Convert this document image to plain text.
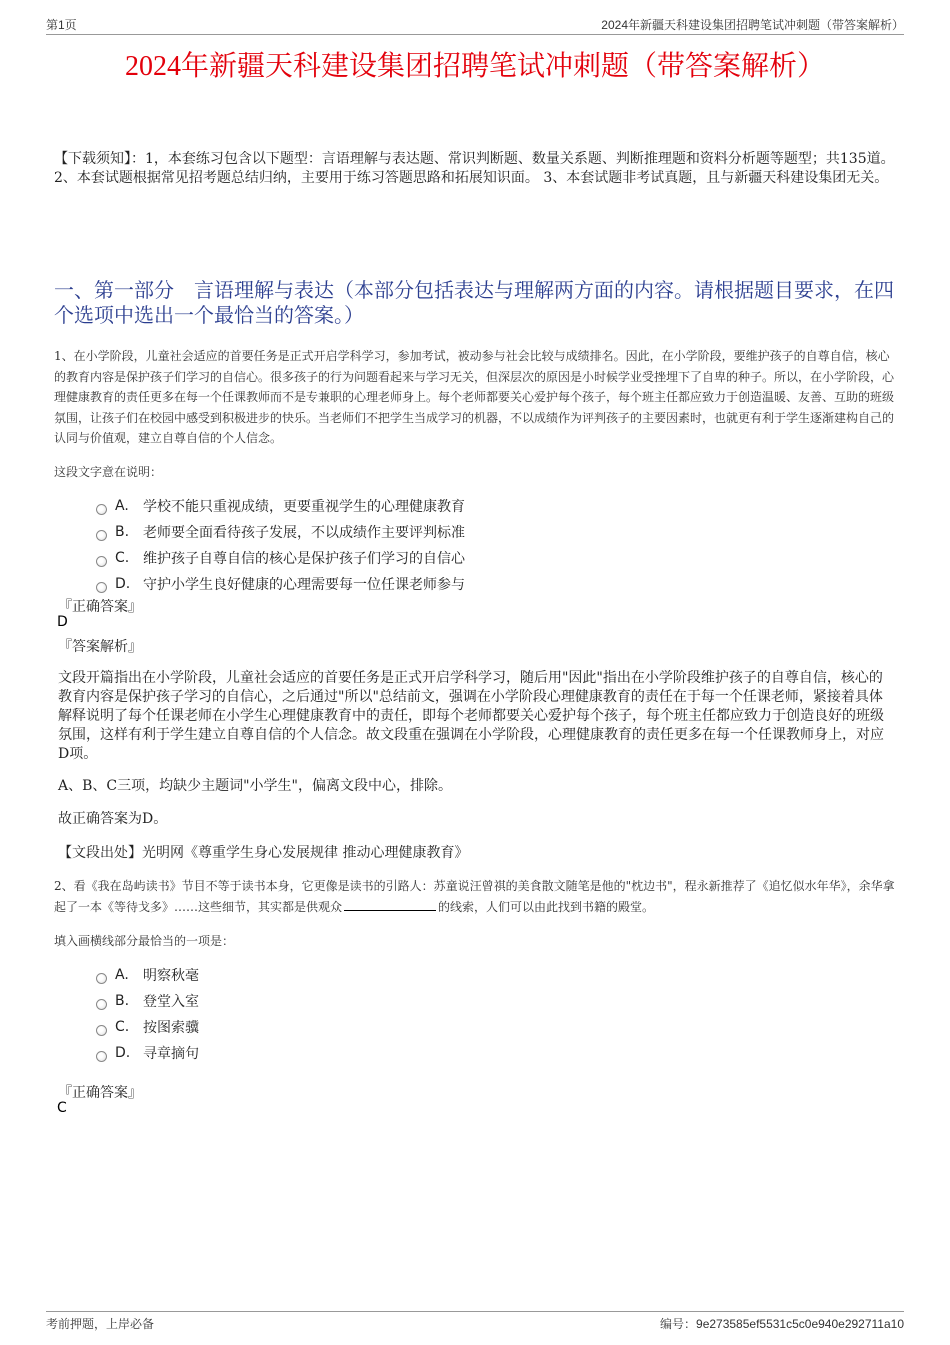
第1页	2024年新疆天科建设集团招聘笔试冲刺题（带答案解析）
2024年新疆天科建设集团招聘笔试冲刺题（带答案解析）
【下载须知】：1，本套练习包含以下题型：言语理解与表达题、常识判断题、数量关系题、判断推理题和资料分析题等题型；共135道。 2、本套试题根据常见招考题总结归纳，主要用于练习答题思路和拓展知识面。 3、本套试题非考试真题，且与新疆天科建设集团无关。
一、第一部分　言语理解与表达（本部分包括表达与理解两方面的内容。请根据题目要求，在四个选项中选出一个最恰当的答案。）
1、在小学阶段，儿童社会适应的首要任务是正式开启学科学习，参加考试，被动参与社会比较与成绩排名。因此，在小学阶段，要维护孩子的自尊自信，核心的教育内容是保护孩子们学习的自信心。很多孩子的行为问题看起来与学习无关，但深层次的原因是小时候学业受挫埋下了自卑的种子。所以，在小学阶段，心理健康教育的责任更多在每一个任课教师而不是专兼职的心理老师身上。每个老师都要关心爱护每个孩子，每个班主任都应致力于创造温暖、友善、互助的班级氛围，让孩子们在校园中感受到积极进步的快乐。当老师们不把学生当成学习的机器，不以成绩作为评判孩子的主要因素时，也就更有利于学生逐渐建构自己的认同与价值观，建立自尊自信的个人信念。
这段文字意在说明：
A.	学校不能只重视成绩，更要重视学生的心理健康教育
B. 老师要全面看待孩子发展，不以成绩作主要评判标准
C. 维护孩子自尊自信的核心是保护孩子们学习的自信心
D. 守护小学生良好健康的心理需要每一位任课老师参与
『正确答案』
D
『答案解析』
文段开篇指出在小学阶段，儿童社会适应的首要任务是正式开启学科学习，随后用"因此"指出在小学阶段维护孩子的自尊自信，核心的教育内容是保护孩子学习的自信心，之后通过"所以"总结前文，强调在小学阶段心理健康教育的责任在于每一个任课老师，紧接着具体解释说明了每个任课老师在小学生心理健康教育中的责任，即每个老师都要关心爱护每个孩子，每个班主任都应致力于创造良好的班级氛围，这样有利于学生建立自尊自信的个人信念。故文段重在强调在小学阶段，心理健康教育的责任更多在每一个任课教师身上，对应D项。
A、B、C三项，均缺少主题词"小学生"，偏离文段中心，排除。
故正确答案为D。
【文段出处】光明网《尊重学生身心发展规律 推动心理健康教育》
2、看《我在岛屿读书》节目不等于读书本身，它更像是读书的引路人：苏童说汪曾祺的美食散文随笔是他的"枕边书"，程永新推荐了《追忆似水年华》，余华拿起了一本《等待戈多》……这些细节，其实都是供观众	的线索，人们可以由此找到书籍的殿堂。
填入画横线部分最恰当的一项是：
A.	明察秋毫
B. 登堂入室
C. 按图索骥
D. 寻章摘句
『正确答案』
C
考前押题，上岸必备	编号：9e273585ef5531c5c0e940e292711a10
